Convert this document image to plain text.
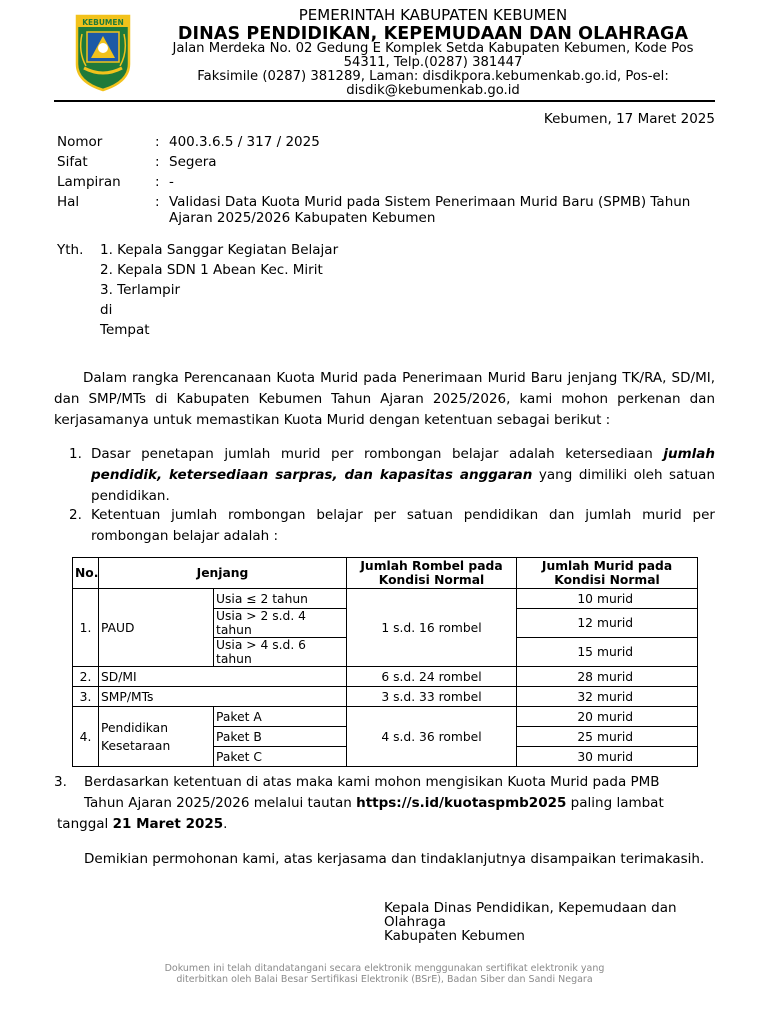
KEBUMEN	PEMERINTAH KABUPATEN KEBUMEN
DINAS PENDIDIKAN, KEPEMUDAAN DAN OLAHRAGA
Jalan Merdeka No. 02 Gedung E Komplek Setda Kabupaten Kebumen, Kode Pos
54311, Telp.(0287) 381447
Faksimile (0287) 381289, Laman: disdikpora.kebumenkab.go.id, Pos-el:
disdik@kebumenkab.go.id
Kebumen, 17 Maret 2025
Nomor	: 400.3.6.5 / 317 / 2025
Sifat	: Segera
Lampiran	: -
Hal	: Validasi Data Kuota Murid pada Sistem Penerimaan Murid Baru (SPMB) Tahun Ajaran 2025/2026 Kabupaten Kebumen
Yth. 1. Kepala Sanggar Kegiatan Belajar
2. Kepala SDN 1 Abean Kec. Mirit
3. Terlampir
di
Tempat
Dalam rangka Perencanaan Kuota Murid pada Penerimaan Murid Baru jenjang TK/RA, SD/MI, dan SMP/MTs di Kabupaten Kebumen Tahun Ajaran 2025/2026, kami mohon perkenan dan kerjasamanya untuk memastikan Kuota Murid dengan ketentuan sebagai berikut :
1. Dasar penetapan jumlah murid per rombongan belajar adalah ketersediaan jumlah pendidik, ketersediaan sarpras, dan kapasitas anggaran yang dimiliki oleh satuan pendidikan.
2. Ketentuan jumlah rombongan belajar per satuan pendidikan dan jumlah murid per rombongan belajar adalah :
No.	Jenjang		Jumlah Rombel pada Kondisi Normal	Jumlah Murid pada Kondisi Normal
1.	PAUD	Usia ≤ 2 tahun	1 s.d. 16 rombel	10 murid
		Usia > 2 s.d. 4 tahun		12 murid
		Usia > 4 s.d. 6 tahun		15 murid
2.	SD/MI		6 s.d. 24 rombel	28 murid
3.	SMP/MTs		3 s.d. 33 rombel	32 murid
4.	Pendidikan Kesetaraan	Paket A	4 s.d. 36 rombel	20 murid
		Paket B		25 murid
		Paket C		30 murid
3. Berdasarkan ketentuan di atas maka kami mohon mengisikan Kuota Murid pada PMB
Tahun Ajaran 2025/2026 melalui tautan https://s.id/kuotaspmb2025 paling lambat
tanggal 21 Maret 2025.
Demikian permohonan kami, atas kerjasama dan tindaklanjutnya disampaikan terimakasih.
Kepala Dinas Pendidikan, Kepemudaan dan
Olahraga
Kabupaten Kebumen
Dokumen ini telah ditandatangani secara elektronik menggunakan sertifikat elektronik yang
diterbitkan oleh Balai Besar Sertifikasi Elektronik (BSrE), Badan Siber dan Sandi Negara
